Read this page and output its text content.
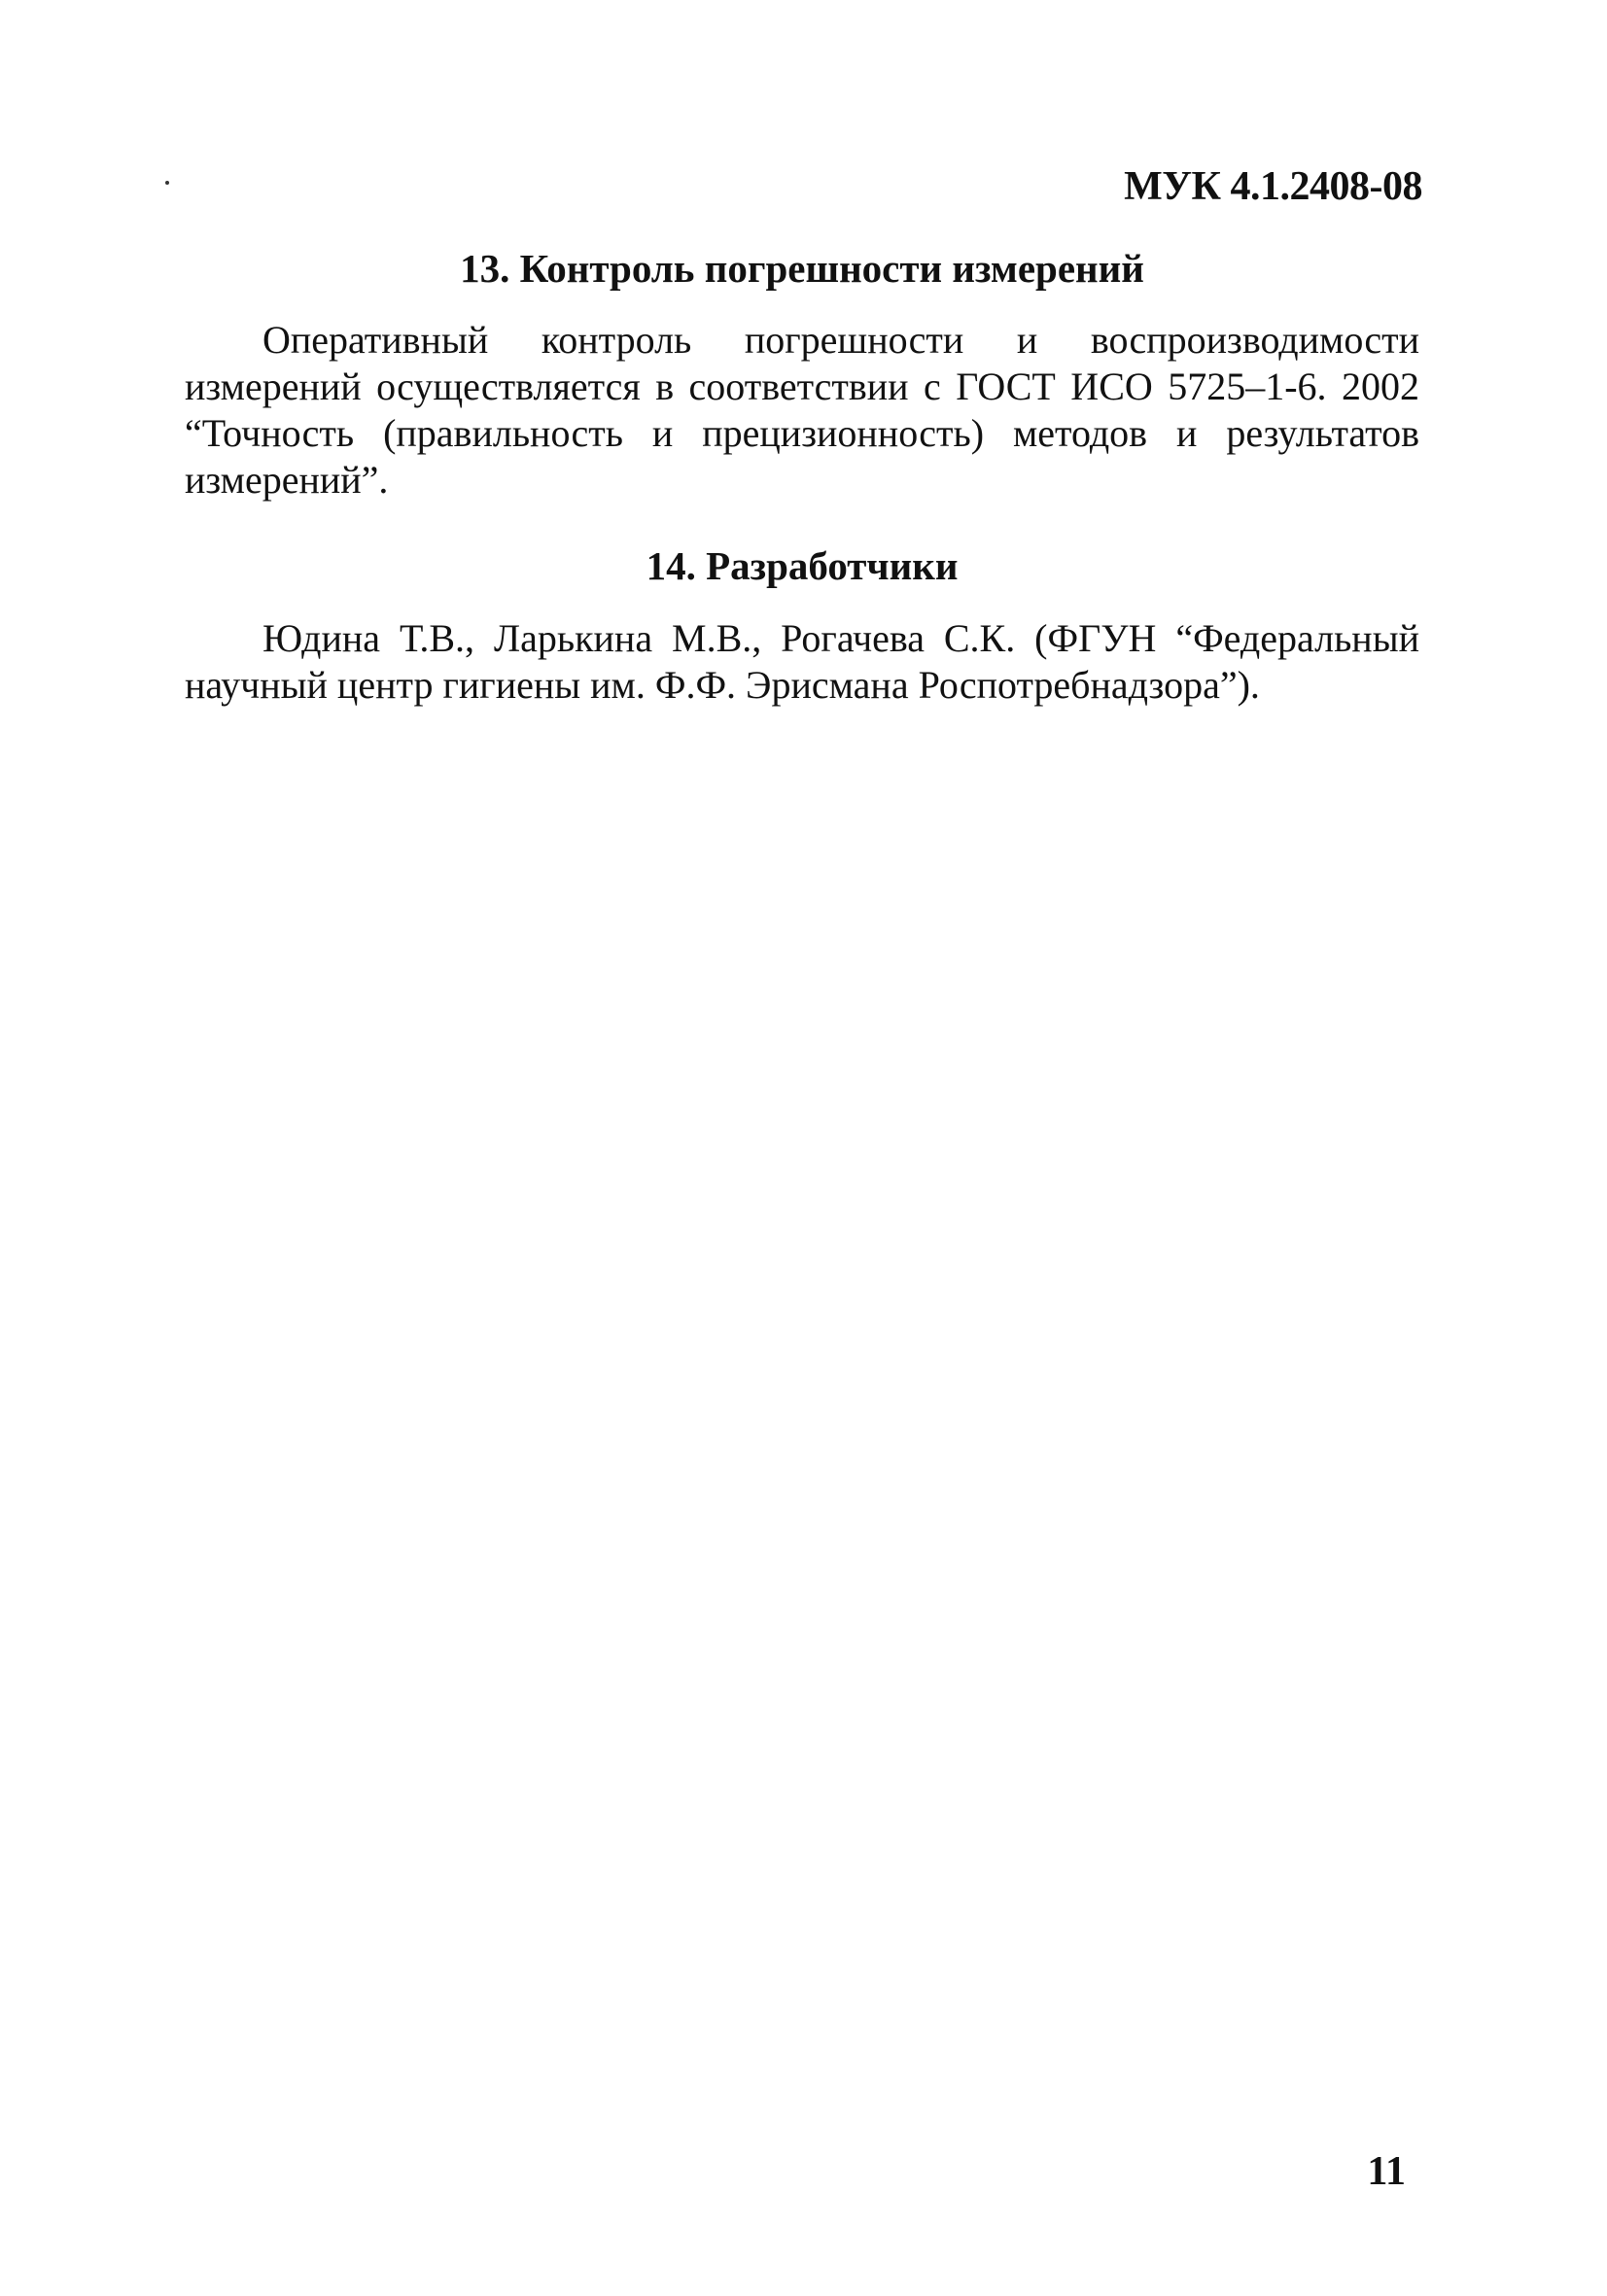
МУК 4.1.2408-08
13. Контроль погрешности измерений

Оперативный контроль погрешности и воспроизводимости измерений осуществляется в соответствии с ГОСТ ИСО 5725–1-6. 2002 “Точность (правильность и прецизионность) методов и результатов измерений”.

14. Разработчики

Юдина Т.В., Ларькина М.В., Рогачева С.К. (ФГУН “Федеральный научный центр гигиены им. Ф.Ф. Эрисмана Роспотребнадзора”).

11
